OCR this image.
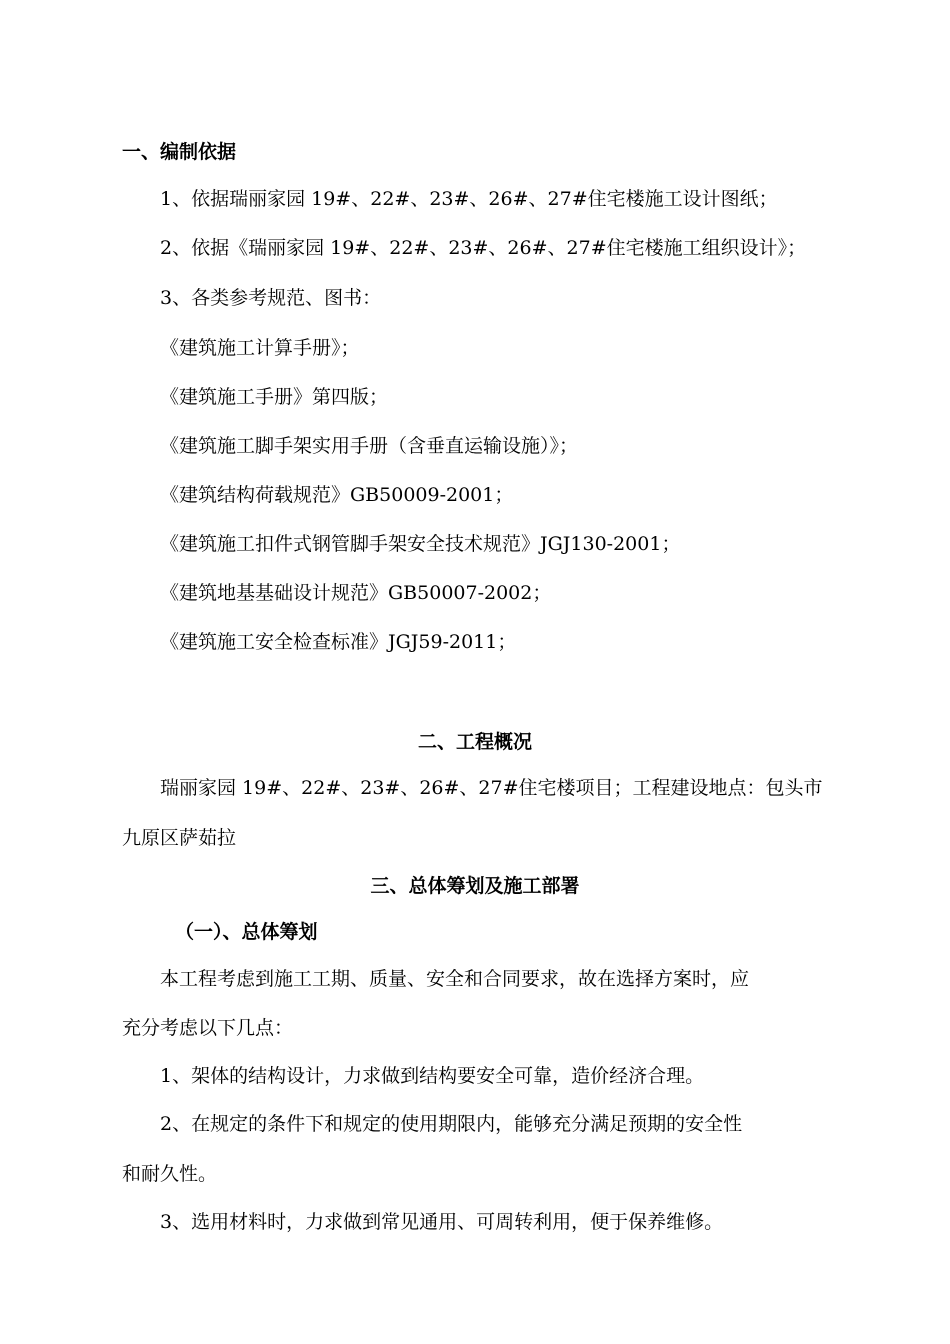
一、编制依据
1、依据瑞丽家园 19#、22#、23#、26#、27#住宅楼施工设计图纸；
2、依据《瑞丽家园 19#、22#、23#、26#、27#住宅楼施工组织设计》；
3、各类参考规范、图书：
《建筑施工计算手册》；
《建筑施工手册》第四版；
《建筑施工脚手架实用手册（含垂直运输设施）》；
《建筑结构荷载规范》GB50009-2001；
《建筑施工扣件式钢管脚手架安全技术规范》JGJ130-2001；
《建筑地基基础设计规范》GB50007-2002；
《建筑施工安全检查标准》JGJ59-2011；
二、工程概况
瑞丽家园 19#、22#、23#、26#、27#住宅楼项目；工程建设地点：包头市
九原区萨茹拉
三、总体筹划及施工部署
（一）、总体筹划
本工程考虑到施工工期、质量、安全和合同要求，故在选择方案时，应
充分考虑以下几点：
1、架体的结构设计，力求做到结构要安全可靠，造价经济合理。
2、在规定的条件下和规定的使用期限内，能够充分满足预期的安全性
和耐久性。
3、选用材料时，力求做到常见通用、可周转利用，便于保养维修。
